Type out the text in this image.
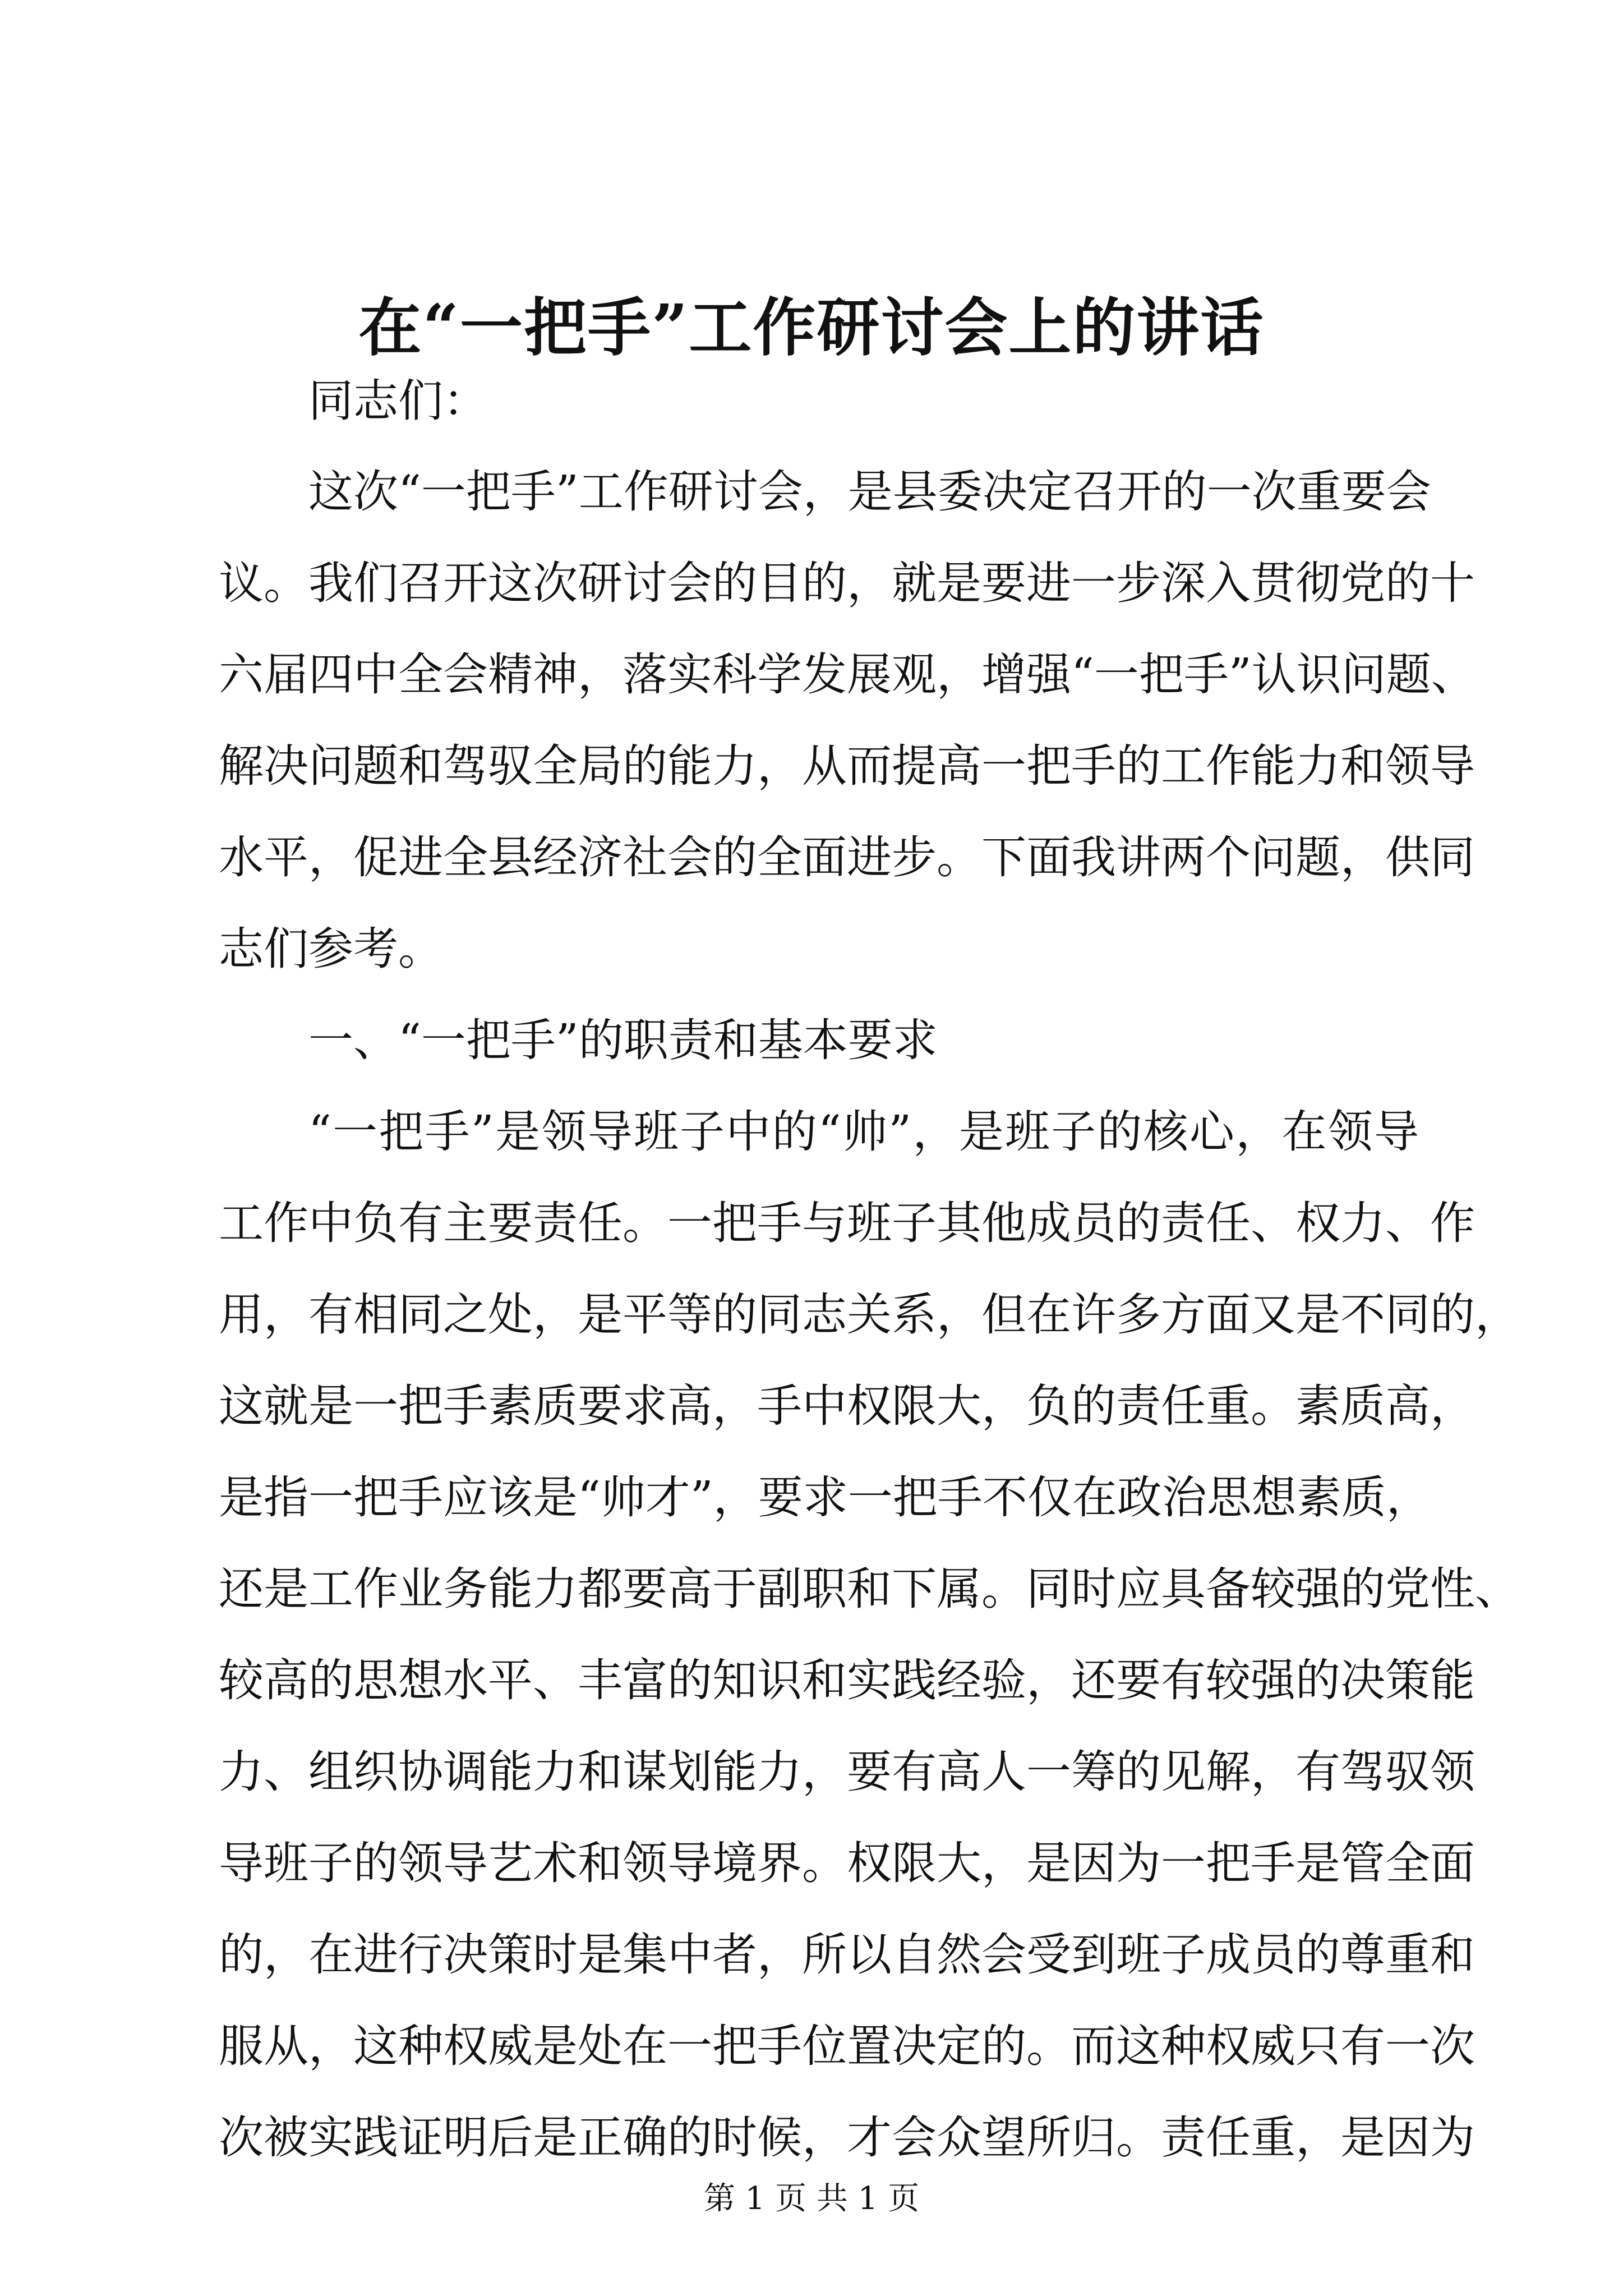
在“一把手”工作研讨会上的讲话

同志们：

这次“一把手”工作研讨会，是县委决定召开的一次重要会

议。我们召开这次研讨会的目的，就是要进一步深入贯彻党的十

六届四中全会精神，落实科学发展观，增强“一把手”认识问题、

解决问题和驾驭全局的能力，从而提高一把手的工作能力和领导

水平，促进全县经济社会的全面进步。下面我讲两个问题，供同

志们参考。

一、“一把手”的职责和基本要求

“一把手”是领导班子中的“帅”，是班子的核心，在领导

工作中负有主要责任。一把手与班子其他成员的责任、权力、作

用，有相同之处，是平等的同志关系，但在许多方面又是不同的，

这就是一把手素质要求高，手中权限大，负的责任重。素质高，

是指一把手应该是“帅才”，要求一把手不仅在政治思想素质，

还是工作业务能力都要高于副职和下属。同时应具备较强的党性、

较高的思想水平、丰富的知识和实践经验，还要有较强的决策能

力、组织协调能力和谋划能力，要有高人一筹的见解，有驾驭领

导班子的领导艺术和领导境界。权限大，是因为一把手是管全面

的，在进行决策时是集中者，所以自然会受到班子成员的尊重和

服从，这种权威是处在一把手位置决定的。而这种权威只有一次

次被实践证明后是正确的时候，才会众望所归。责任重，是因为

第 1 页 共 1 页
